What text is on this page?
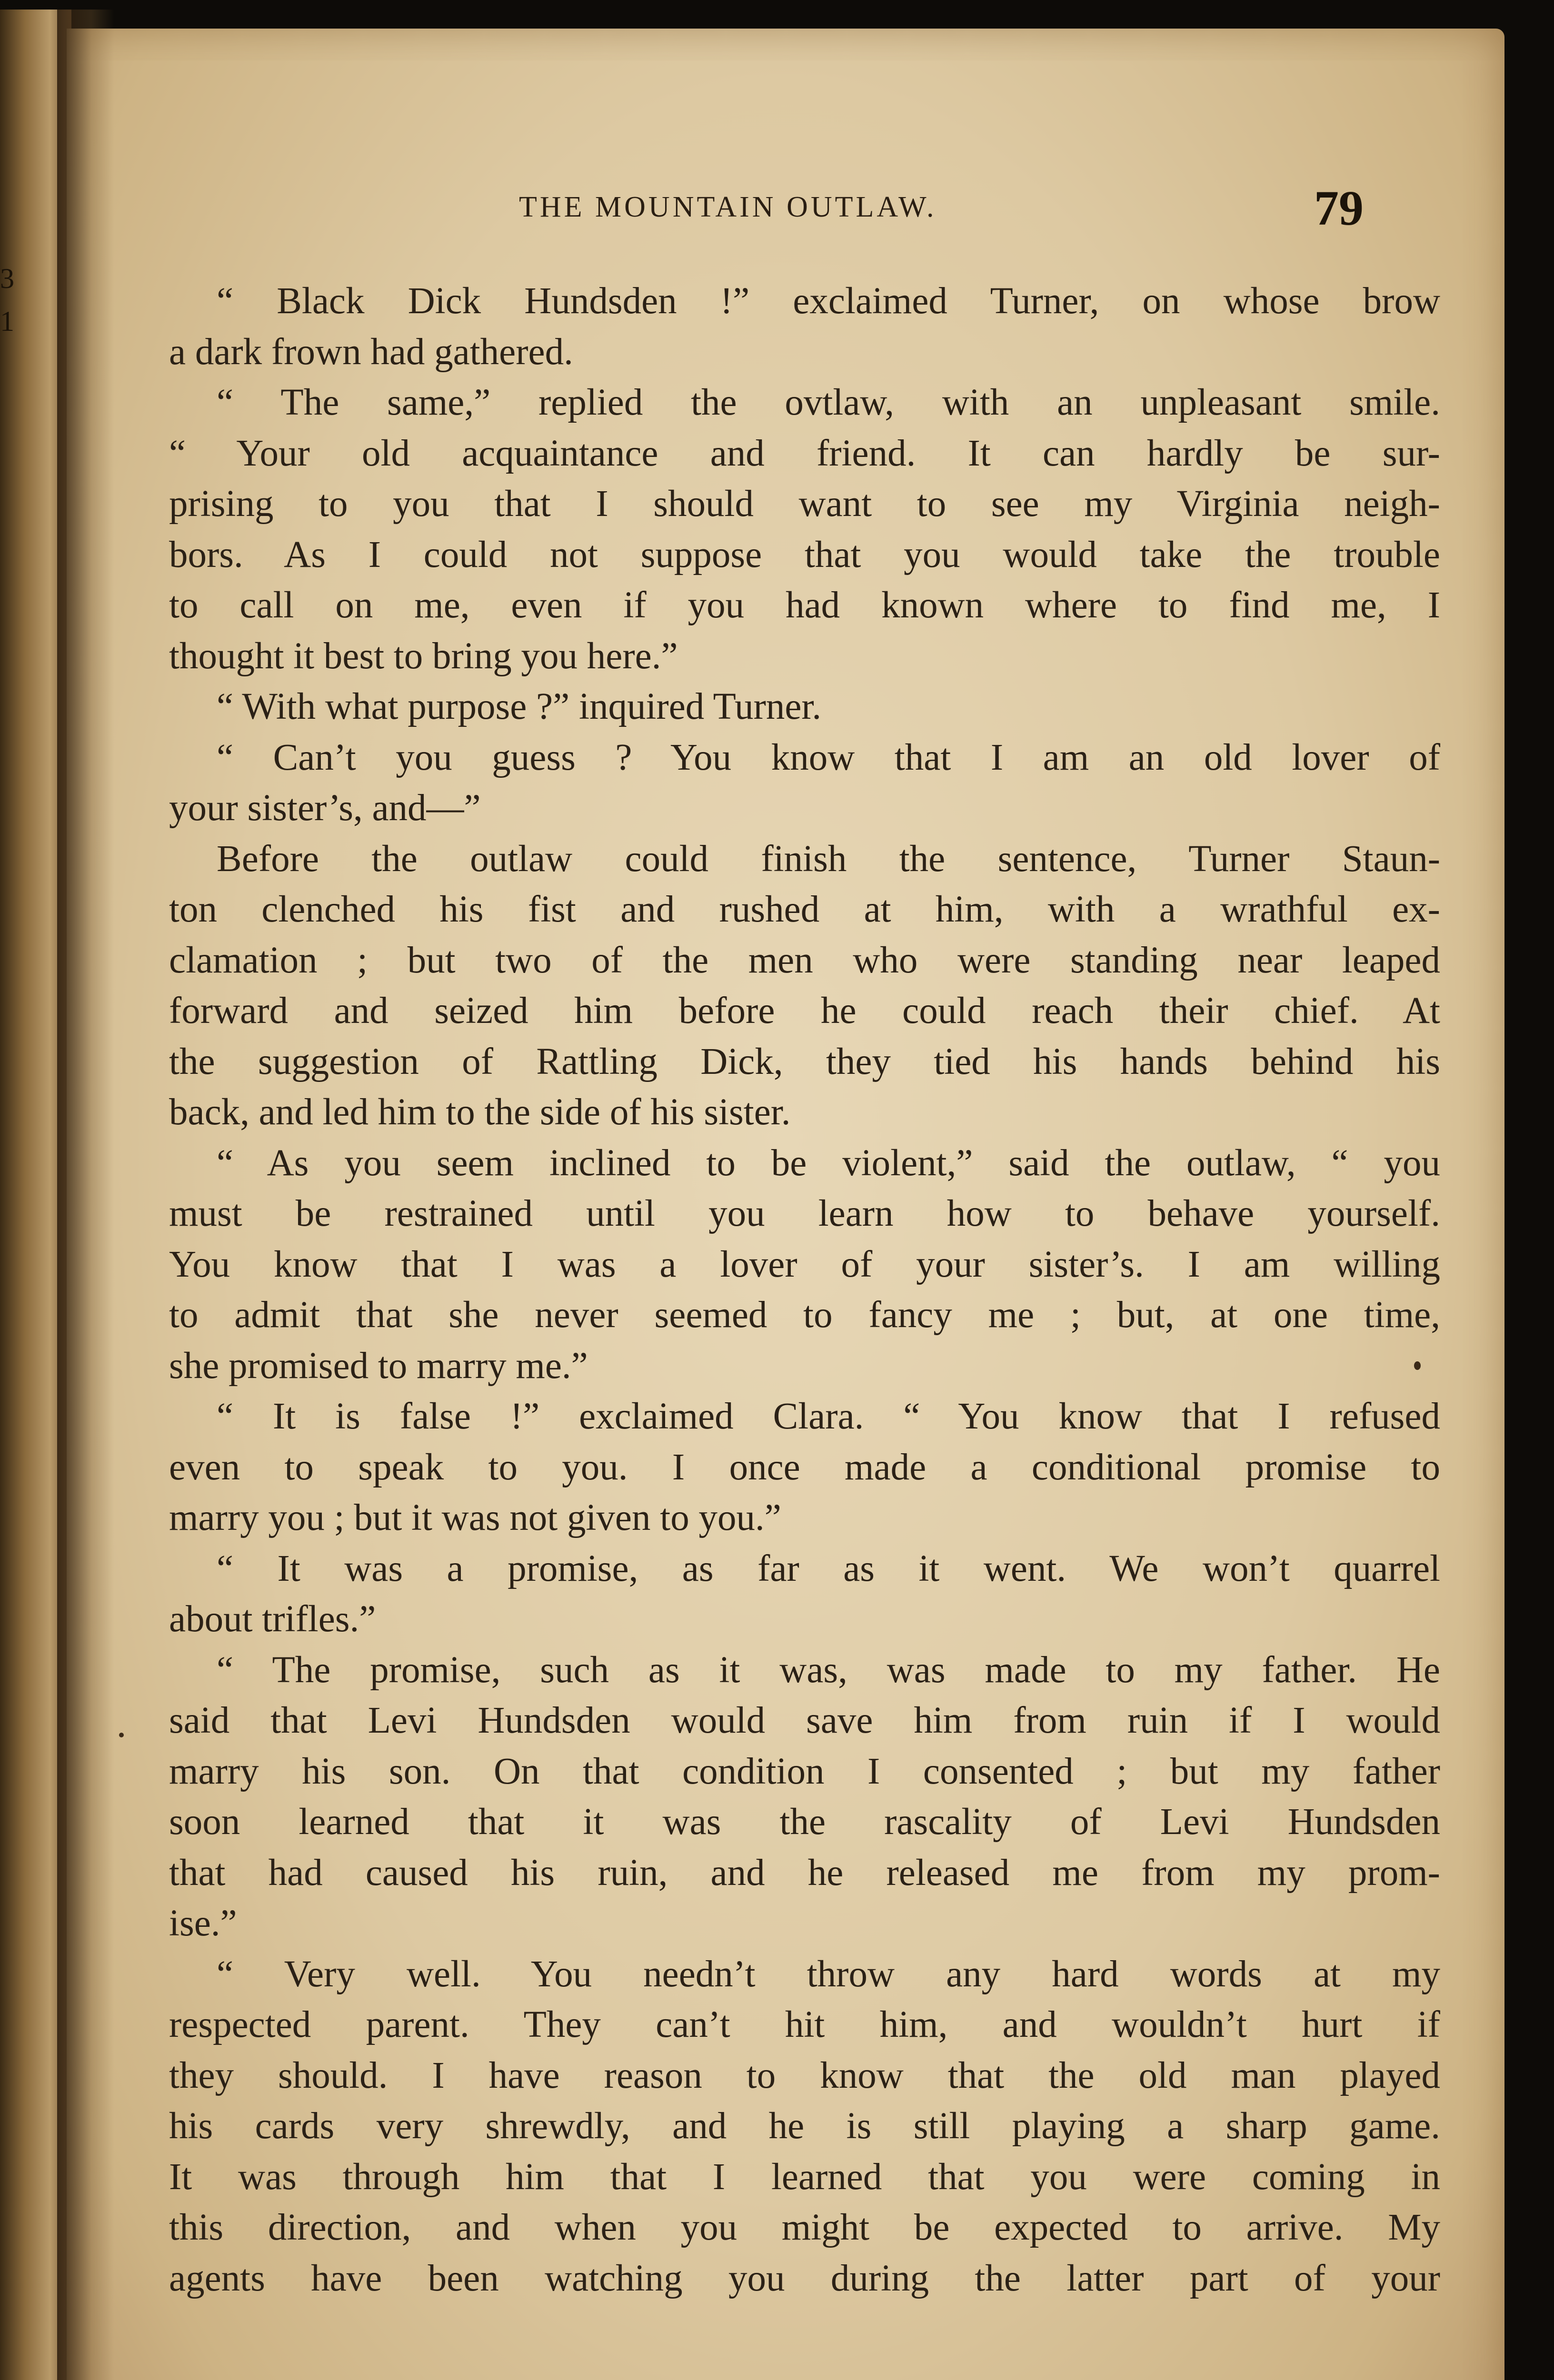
3
1
THE MOUNTAIN OUTLAW.	79
“ Black Dick Hundsden !” exclaimed Turner, on whose brow
a dark frown had gathered.
“ The same,” replied the ovtlaw, with an unpleasant smile.
“ Your old acquaintance and friend. It can hardly be sur-
prising to you that I should want to see my Virginia neigh-
bors. As I could not suppose that you would take the trouble
to call on me, even if you had known where to find me, I
thought it best to bring you here.”
“ With what purpose ?” inquired Turner.
“ Can’t you guess ? You know that I am an old lover of
your sister’s, and—”
Before the outlaw could finish the sentence, Turner Staun-
ton clenched his fist and rushed at him, with a wrathful ex-
clamation ; but two of the men who were standing near leaped
forward and seized him before he could reach their chief. At
the suggestion of Rattling Dick, they tied his hands behind his
back, and led him to the side of his sister.
“ As you seem inclined to be violent,” said the outlaw, “ you
must be restrained until you learn how to behave yourself.
You know that I was a lover of your sister’s. I am willing
to admit that she never seemed to fancy me ; but, at one time,
she promised to marry me.”
“ It is false !” exclaimed Clara. “ You know that I refused
even to speak to you. I once made a conditional promise to
marry you ; but it was not given to you.”
“ It was a promise, as far as it went. We won’t quarrel
about trifles.”
“ The promise, such as it was, was made to my father. He
said that Levi Hundsden would save him from ruin if I would
marry his son. On that condition I consented ; but my father
soon learned that it was the rascality of Levi Hundsden
that had caused his ruin, and he released me from my prom-
ise.”
“ Very well. You needn’t throw any hard words at my
respected parent. They can’t hit him, and wouldn’t hurt if
they should. I have reason to know that the old man played
his cards very shrewdly, and he is still playing a sharp game.
It was through him that I learned that you were coming in
this direction, and when you might be expected to arrive. My
agents have been watching you during the latter part of your
